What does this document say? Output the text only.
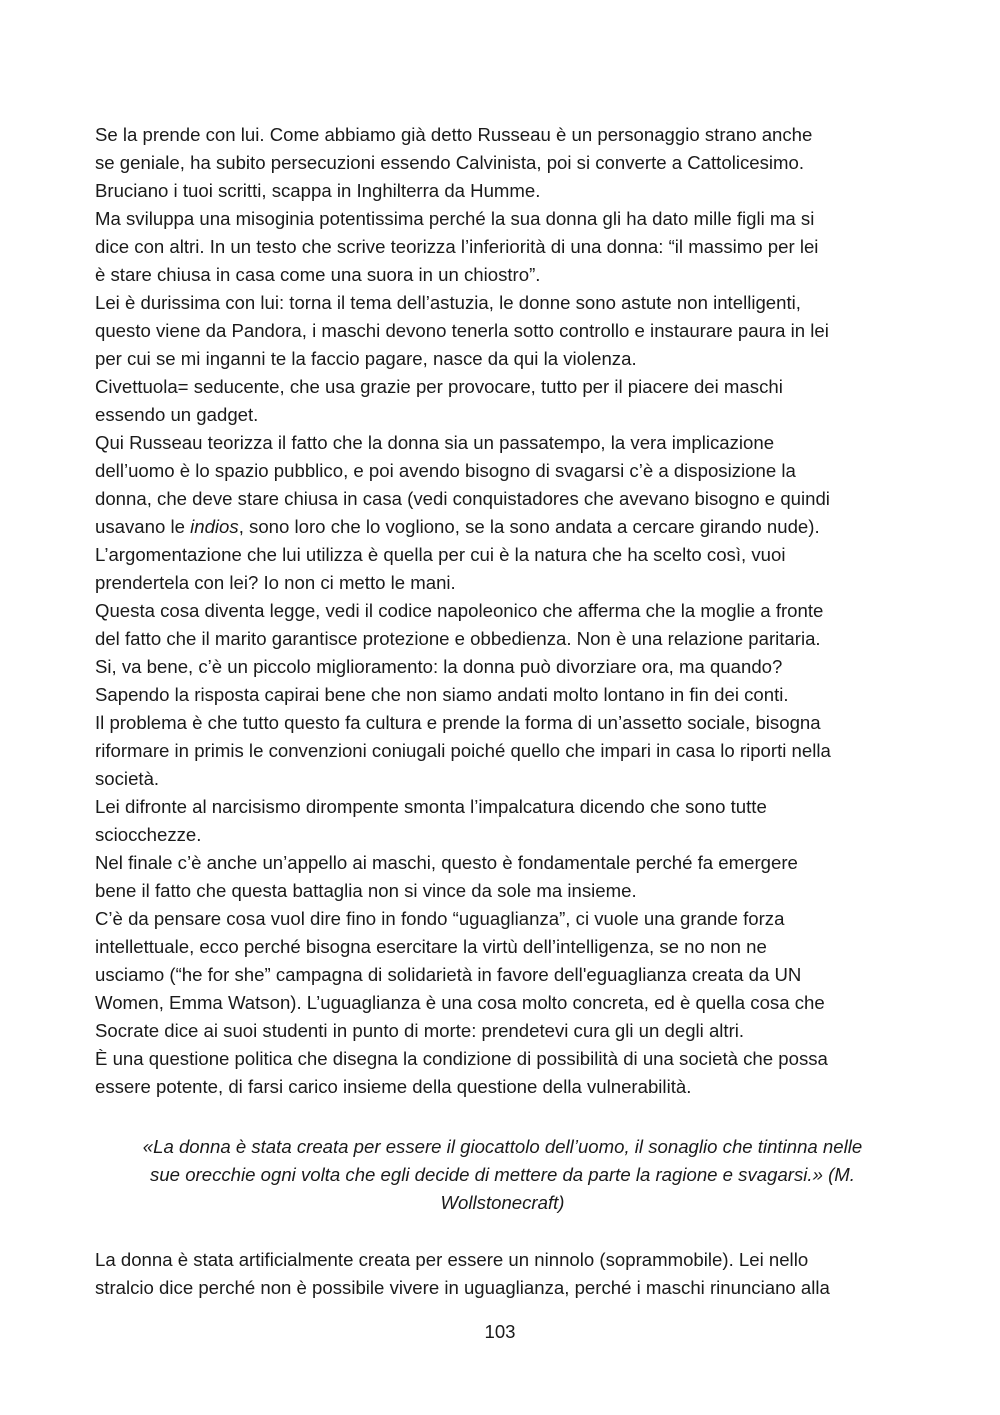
Se la prende con lui. Come abbiamo già detto Russeau è un personaggio strano anche
se geniale, ha subito persecuzioni essendo Calvinista, poi si converte a Cattolicesimo.
Bruciano i tuoi scritti, scappa in Inghilterra da Humme.
Ma sviluppa una misoginia potentissima perché la sua donna gli ha dato mille figli ma si
dice con altri. In un testo che scrive teorizza l’inferiorità di una donna: “il massimo per lei
è stare chiusa in casa come una suora in un chiostro”.
Lei è durissima con lui: torna il tema dell’astuzia, le donne sono astute non intelligenti,
questo viene da Pandora, i maschi devono tenerla sotto controllo e instaurare paura in lei
per cui se mi inganni te la faccio pagare, nasce da qui la violenza.
Civettuola= seducente, che usa grazie per provocare, tutto per il piacere dei maschi
essendo un gadget.
Qui Russeau teorizza il fatto che la donna sia un passatempo, la vera implicazione
dell’uomo è lo spazio pubblico, e poi avendo bisogno di svagarsi c’è a disposizione la
donna, che deve stare chiusa in casa (vedi conquistadores che avevano bisogno e quindi
usavano le indios, sono loro che lo vogliono, se la sono andata a cercare girando nude).
L’argomentazione che lui utilizza è quella per cui è la natura che ha scelto così, vuoi
prendertela con lei? Io non ci metto le mani.
Questa cosa diventa legge, vedi il codice napoleonico che afferma che la moglie a fronte
del fatto che il marito garantisce protezione e obbedienza. Non è una relazione paritaria.
Si, va bene, c’è un piccolo miglioramento: la donna può divorziare ora, ma quando?
Sapendo la risposta capirai bene che non siamo andati molto lontano in fin dei conti.
Il problema è che tutto questo fa cultura e prende la forma di un’assetto sociale, bisogna
riformare in primis le convenzioni coniugali poiché quello che impari in casa lo riporti nella
società.
Lei difronte al narcisismo dirompente smonta l’impalcatura dicendo che sono tutte
sciocchezze.
Nel finale c’è anche un’appello ai maschi, questo è fondamentale perché fa emergere
bene il fatto che questa battaglia non si vince da sole ma insieme.
C’è da pensare cosa vuol dire fino in fondo “uguaglianza”, ci vuole una grande forza
intellettuale, ecco perché bisogna esercitare la virtù dell’intelligenza, se no non ne
usciamo (“he for she” campagna di solidarietà in favore dell'eguaglianza creata da UN
Women, Emma Watson). L’uguaglianza è una cosa molto concreta, ed è quella cosa che
Socrate dice ai suoi studenti in punto di morte: prendetevi cura gli un degli altri.
È una questione politica che disegna la condizione di possibilità di una società che possa
essere potente, di farsi carico insieme della questione della vulnerabilità.
«La donna è stata creata per essere il giocattolo dell’uomo, il sonaglio che tintinna nelle
sue orecchie ogni volta che egli decide di mettere da parte la ragione e svagarsi.» (M.
Wollstonecraft)
La donna è stata artificialmente creata per essere un ninnolo (soprammobile). Lei nello
stralcio dice perché non è possibile vivere in uguaglianza, perché i maschi rinunciano alla
103
